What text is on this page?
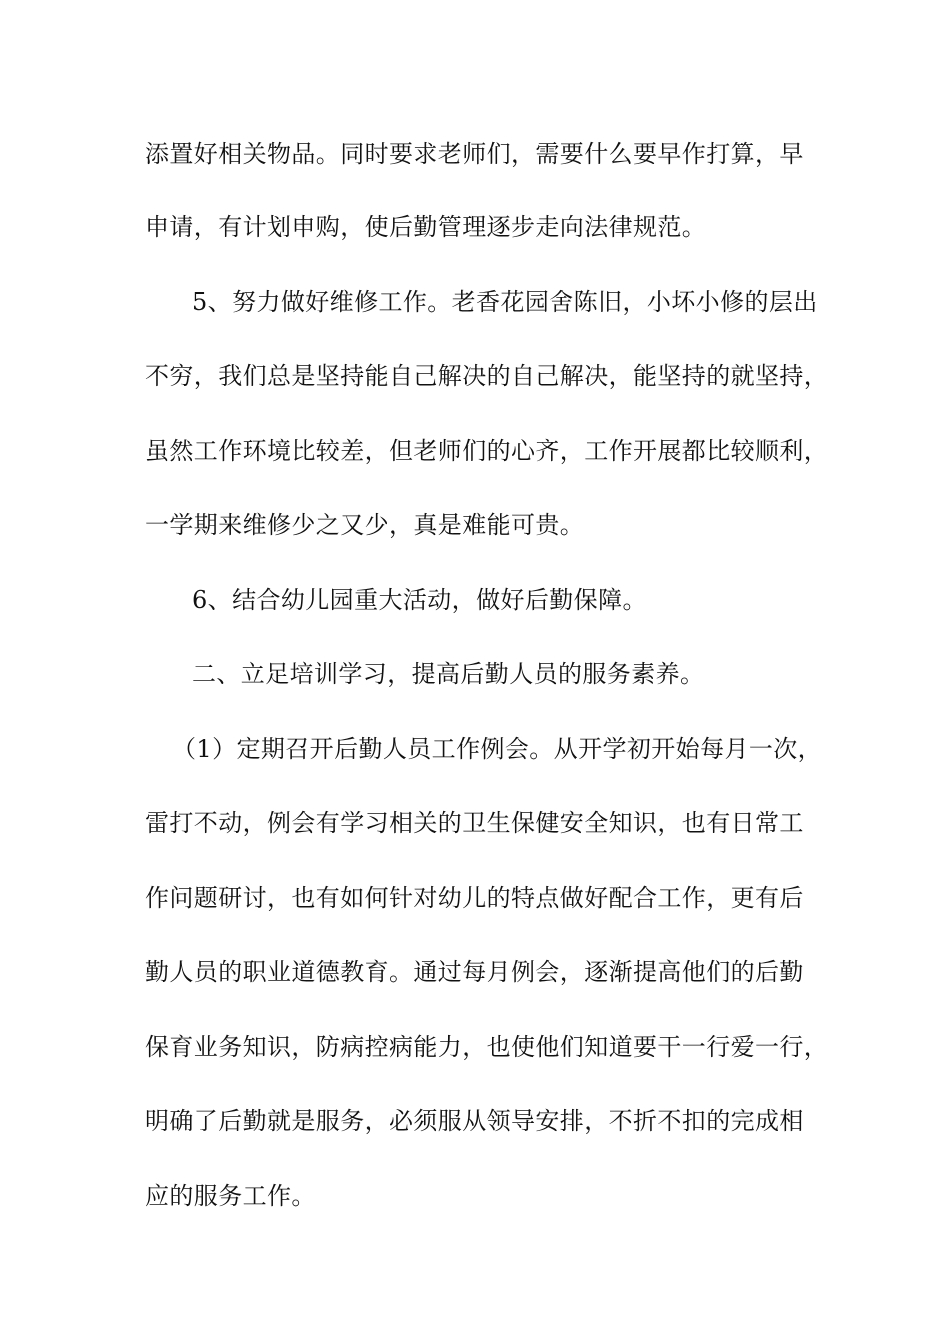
添置好相关物品。同时要求老师们，需要什么要早作打算，早
申请，有计划申购，使后勤管理逐步走向法律规范。
5、努力做好维修工作。老香花园舍陈旧，小坏小修的层出
不穷，我们总是坚持能自己解决的自己解决，能坚持的就坚持，
虽然工作环境比较差，但老师们的心齐，工作开展都比较顺利，
一学期来维修少之又少，真是难能可贵。
6、结合幼儿园重大活动，做好后勤保障。
二、立足培训学习，提高后勤人员的服务素养。
（1）定期召开后勤人员工作例会。从开学初开始每月一次，
雷打不动，例会有学习相关的卫生保健安全知识，也有日常工
作问题研讨，也有如何针对幼儿的特点做好配合工作，更有后
勤人员的职业道德教育。通过每月例会，逐渐提高他们的后勤
保育业务知识，防病控病能力，也使他们知道要干一行爱一行，
明确了后勤就是服务，必须服从领导安排，不折不扣的完成相
应的服务工作。
